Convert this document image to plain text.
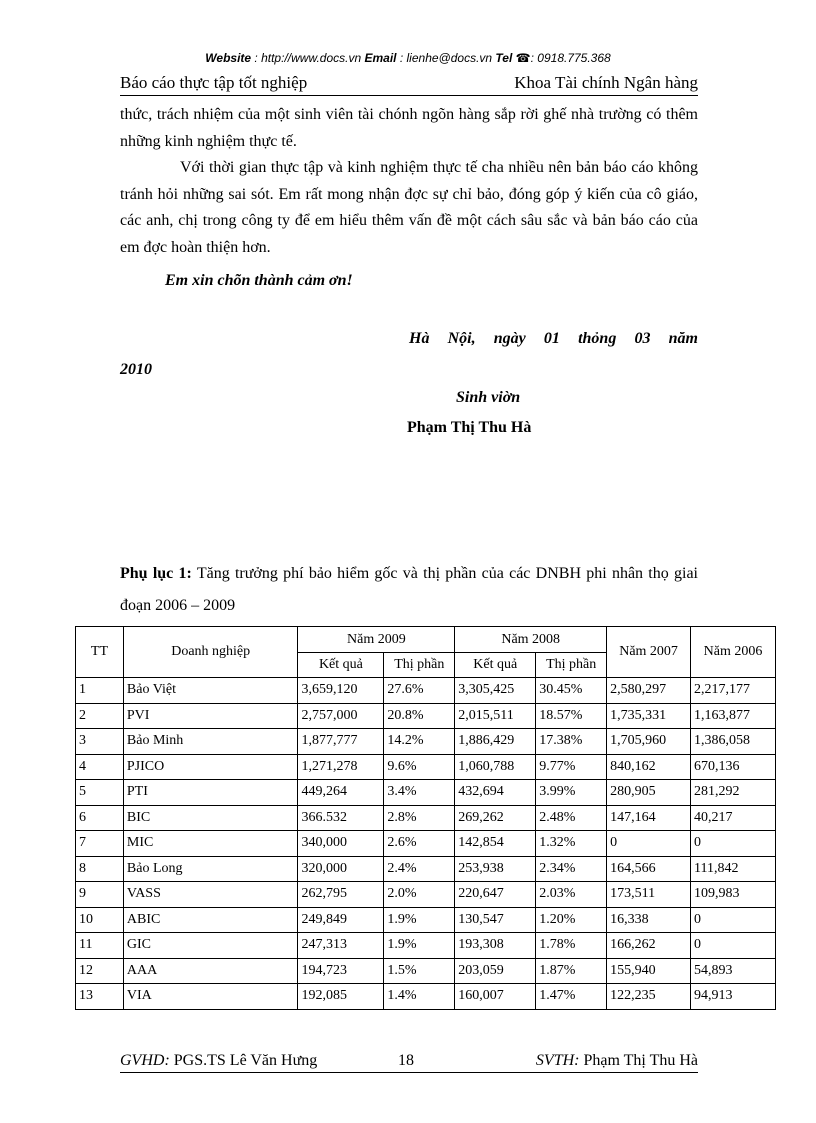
Website : http://www.docs.vn Email : lienhe@docs.vn Tel ☎: 0918.775.368
Báo cáo thực tập tốt nghiệp	Khoa Tài chính Ngân hàng
thức, trách nhiệm của một sinh viên tài chónh ngõn hàng sắp rời ghế nhà trường có thêm những kinh nghiệm thực tế.
Với thời gian thực tập và kinh nghiệm thực tế cha nhiều nên bản báo cáo không tránh hỏi những sai sót. Em rất mong nhận đợc sự chỉ bảo, đóng góp ý kiến của cô giáo, các anh, chị trong công ty để em hiểu thêm vấn đề một cách sâu sắc và bản báo cáo của em đợc hoàn thiện hơn.
Em xin chõn thành cảm ơn!
Hà Nội, ngày 01 thỏng 03 năm
2010
Sinh viờn
Phạm Thị Thu Hà
Phụ lục 1: Tăng trưởng phí bảo hiểm gốc và thị phần của các DNBH phi nhân thọ giai đoạn 2006 – 2009
TT	Doanh nghiệp	Năm 2009		Năm 2008		Năm 2007	Năm 2006
		Kết quả	Thị phần	Kết quả	Thị phần		
1	Bảo Việt	3,659,120	27.6%	3,305,425	30.45%	2,580,297	2,217,177
2	PVI	2,757,000	20.8%	2,015,511	18.57%	1,735,331	1,163,877
3	Bảo Minh	1,877,777	14.2%	1,886,429	17.38%	1,705,960	1,386,058
4	PJICO	1,271,278	9.6%	1,060,788	9.77%	840,162	670,136
5	PTI	449,264	3.4%	432,694	3.99%	280,905	281,292
6	BIC	366.532	2.8%	269,262	2.48%	147,164	40,217
7	MIC	340,000	2.6%	142,854	1.32%	0	0
8	Bảo Long	320,000	2.4%	253,938	2.34%	164,566	111,842
9	VASS	262,795	2.0%	220,647	2.03%	173,511	109,983
10	ABIC	249,849	1.9%	130,547	1.20%	16,338	0
11	GIC	247,313	1.9%	193,308	1.78%	166,262	0
12	AAA	194,723	1.5%	203,059	1.87%	155,940	54,893
13	VIA	192,085	1.4%	160,007	1.47%	122,235	94,913
GVHD: PGS.TS Lê Văn Hưng	18	SVTH: Phạm Thị Thu Hà
